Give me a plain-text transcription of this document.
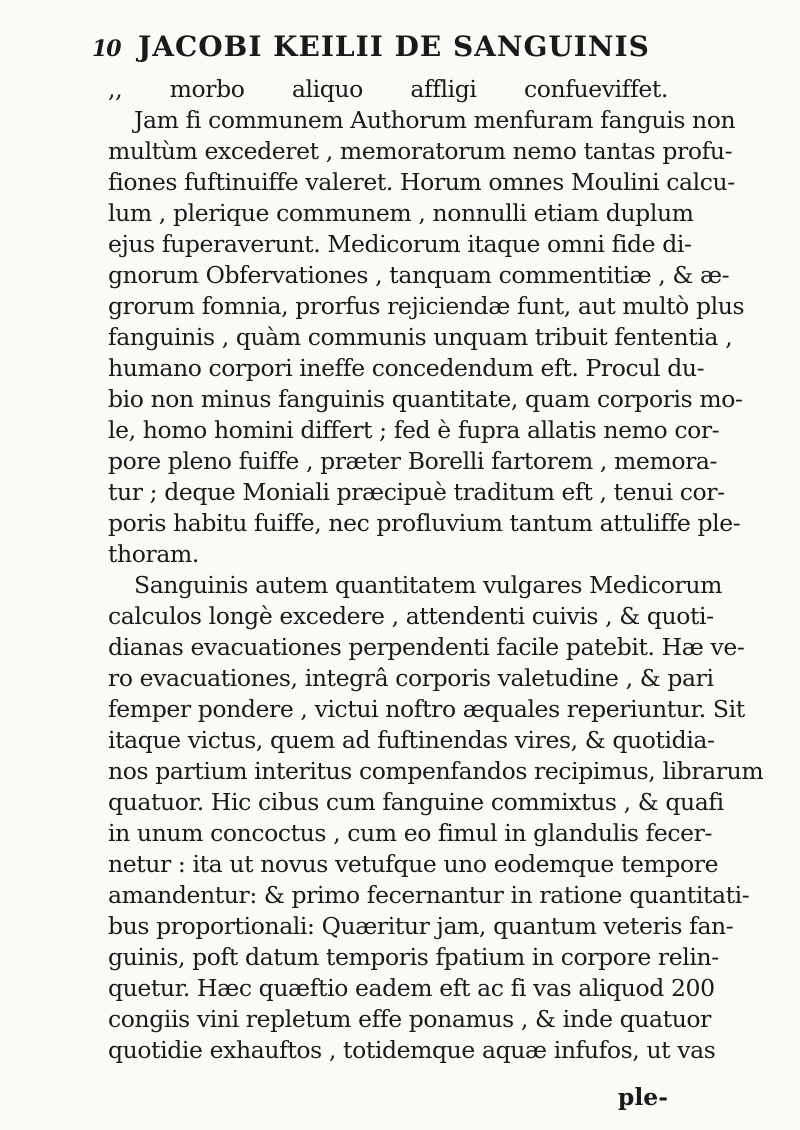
10 JACOBI KEILII DE SANGUINIS
,, morbo aliquo affligi confueviffet.
Jam fi communem Authorum menfuram fanguis non
multùm excederet , memoratorum nemo tantas profu-
fiones fuftinuiffe valeret. Horum omnes Moulini calcu-
lum , plerique communem , nonnulli etiam duplum
ejus fuperaverunt. Medicorum itaque omni fide di-
gnorum Obfervationes , tanquam commentitiæ , & æ-
grorum fomnia, prorfus rejiciendæ funt, aut multò plus
fanguinis , quàm communis unquam tribuit fententia ,
humano corpori ineffe concedendum eft. Procul du-
bio non minus fanguinis quantitate, quam corporis mo-
le, homo homini differt ; fed è fupra allatis nemo cor-
pore pleno fuiffe , præter Borelli fartorem , memora-
tur ; deque Moniali præcipuè traditum eft , tenui cor-
poris habitu fuiffe, nec profluvium tantum attuliffe ple-
thoram.
Sanguinis autem quantitatem vulgares Medicorum
calculos longè excedere , attendenti cuivis , & quoti-
dianas evacuationes perpendenti facile patebit. Hæ ve-
ro evacuationes, integrâ corporis valetudine , & pari
femper pondere , victui noftro æquales reperiuntur. Sit
itaque victus, quem ad fuftinendas vires, & quotidia-
nos partium interitus compenfandos recipimus, librarum
quatuor. Hic cibus cum fanguine commixtus , & quafi
in unum concoctus , cum eo fimul in glandulis fecer-
netur : ita ut novus vetufque uno eodemque tempore
amandentur: & primo fecernantur in ratione quantitati-
bus proportionali: Quæritur jam, quantum veteris fan-
guinis, poft datum temporis fpatium in corpore relin-
quetur. Hæc quæftio eadem eft ac fi vas aliquod 200
congiis vini repletum effe ponamus , & inde quatuor
quotidie exhauftos , totidemque aquæ infufos, ut vas
ple-
